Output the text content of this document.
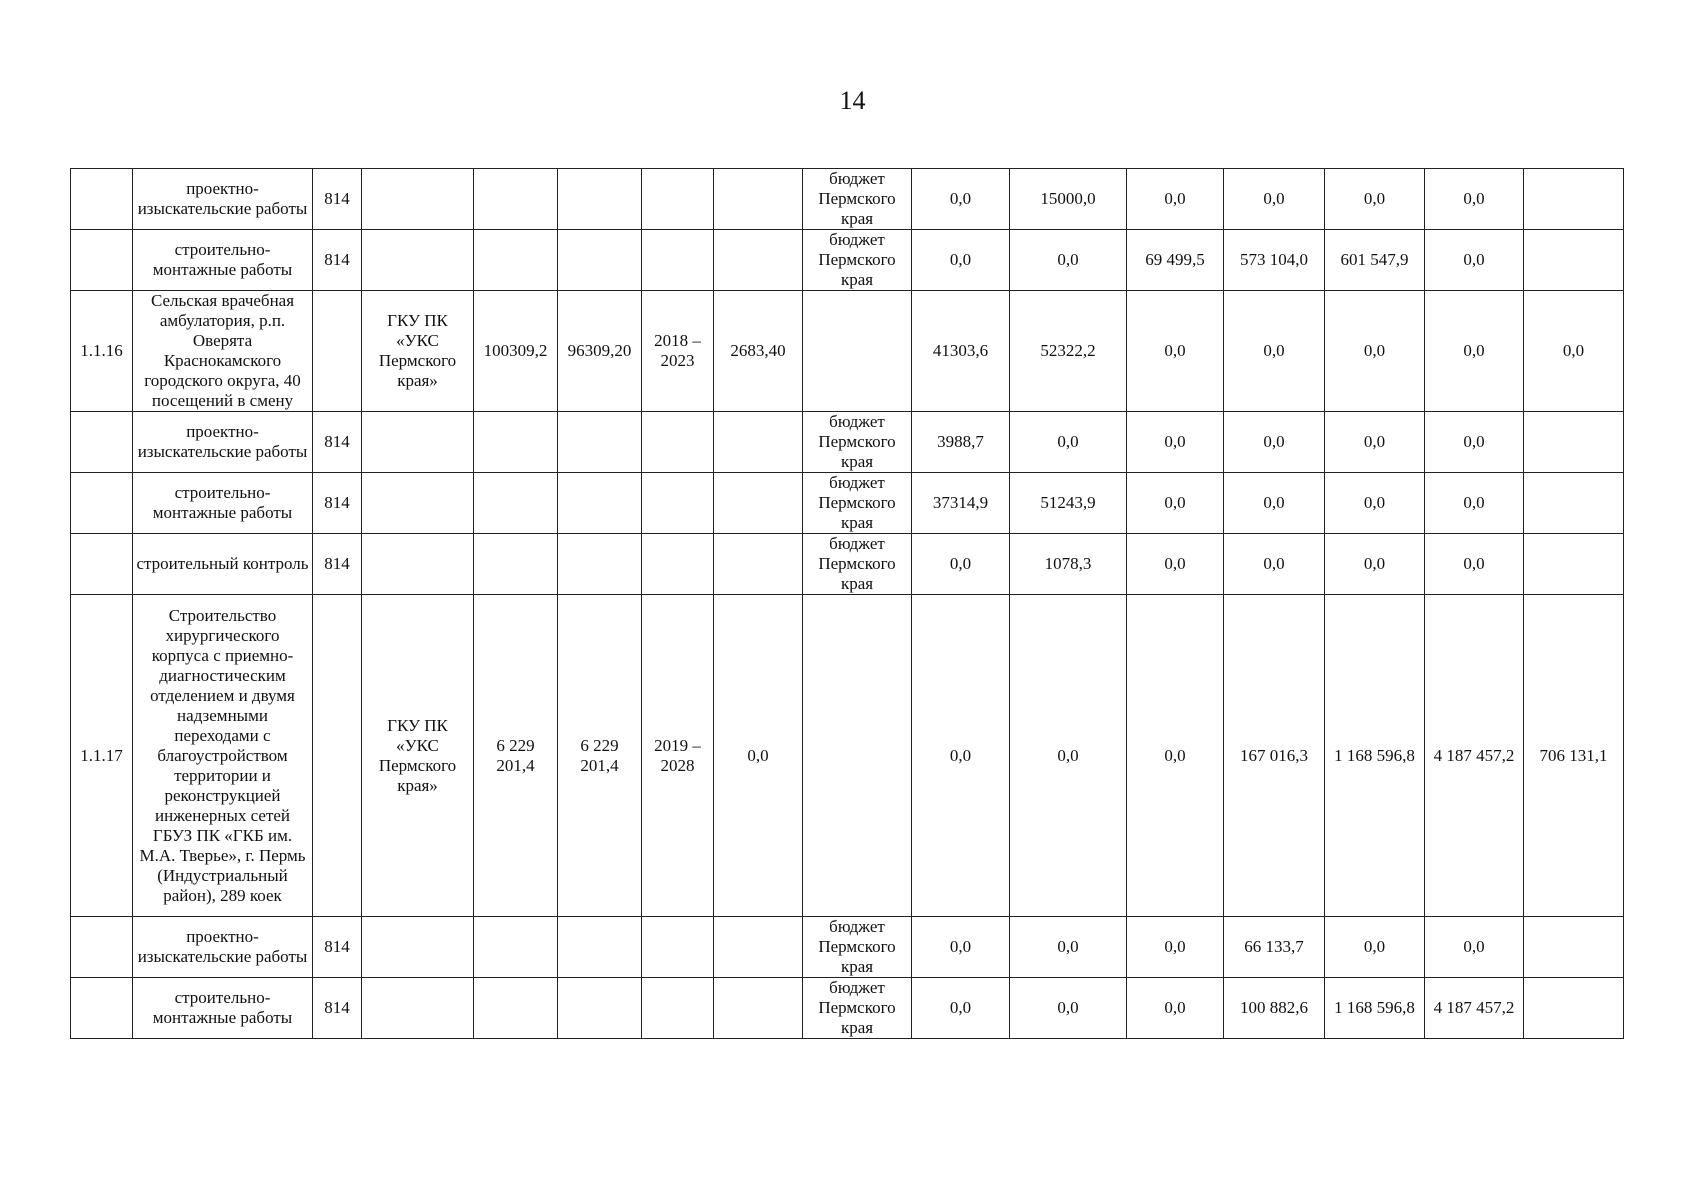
14
	проектно-изыскательские работы	814						бюджет Пермского края	0,0	15000,0	0,0	0,0	0,0	0,0	
	строительно-монтажные работы	814						бюджет Пермского края	0,0	0,0	69 499,5	573 104,0	601 547,9	0,0	
1.1.16	Сельская врачебная амбулатория, р.п. Оверята Краснокамского городского округа, 40 посещений в смену		ГКУ ПК «УКС Пермского края»	100309,2	96309,20	2018 – 2023	2683,40		41303,6	52322,2	0,0	0,0	0,0	0,0	0,0
	проектно-изыскательские работы	814						бюджет Пермского края	3988,7	0,0	0,0	0,0	0,0	0,0	
	строительно-монтажные работы	814						бюджет Пермского края	37314,9	51243,9	0,0	0,0	0,0	0,0	
	строительный контроль	814						бюджет Пермского края	0,0	1078,3	0,0	0,0	0,0	0,0	
1.1.17	Строительство хирургического корпуса с приемно-диагностическим отделением и двумя надземными переходами с благоустройством территории и реконструкцией инженерных сетей ГБУЗ ПК «ГКБ им. М.А. Тверье», г. Пермь (Индустриальный район), 289 коек		ГКУ ПК «УКС Пермского края»	6 229 201,4	6 229 201,4	2019 – 2028	0,0		0,0	0,0	0,0	167 016,3	1 168 596,8	4 187 457,2	706 131,1
	проектно-изыскательские работы	814						бюджет Пермского края	0,0	0,0	0,0	66 133,7	0,0	0,0	
	строительно-монтажные работы	814						бюджет Пермского края	0,0	0,0	0,0	100 882,6	1 168 596,8	4 187 457,2	
